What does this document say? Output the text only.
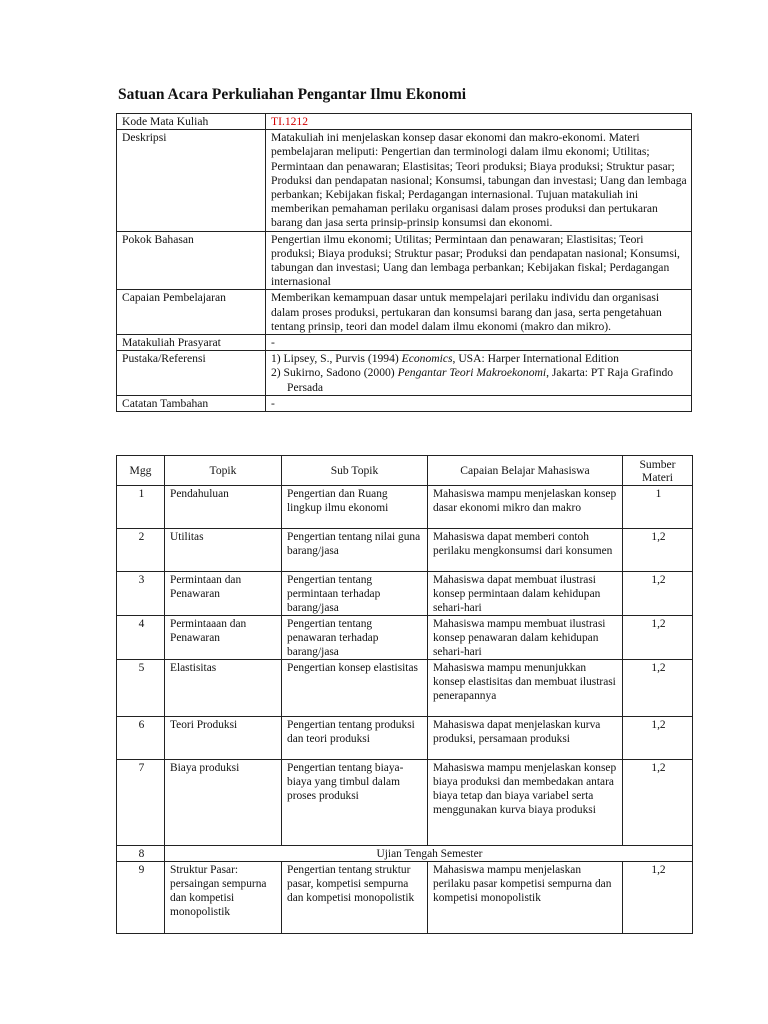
Satuan Acara Perkuliahan Pengantar Ilmu Ekonomi
Kode Mata Kuliah	TI.1212
Deskripsi	Matakuliah ini menjelaskan konsep dasar ekonomi dan makro-ekonomi. Materi pembelajaran meliputi: Pengertian dan terminologi dalam ilmu ekonomi; Utilitas; Permintaan dan penawaran; Elastisitas; Teori produksi; Biaya produksi; Struktur pasar; Produksi dan pendapatan nasional; Konsumsi, tabungan dan investasi; Uang dan lembaga perbankan; Kebijakan fiskal; Perdagangan internasional. Tujuan matakuliah ini memberikan pemahaman perilaku organisasi dalam proses produksi dan pertukaran barang dan jasa serta prinsip-prinsip konsumsi dan ekonomi.
Pokok Bahasan	Pengertian ilmu ekonomi; Utilitas; Permintaan dan penawaran; Elastisitas; Teori produksi; Biaya produksi; Struktur pasar; Produksi dan pendapatan nasional; Konsumsi, tabungan dan investasi; Uang dan lembaga perbankan; Kebijakan fiskal; Perdagangan internasional
Capaian Pembelajaran	Memberikan kemampuan dasar untuk mempelajari perilaku individu dan organisasi dalam proses produksi, pertukaran dan konsumsi barang dan jasa, serta pengetahuan tentang prinsip, teori dan model dalam ilmu ekonomi (makro dan mikro).
Matakuliah Prasyarat	-
Pustaka/Referensi	1) Lipsey, S., Purvis (1994) Economics, USA: Harper International Edition
2) Sukirno, Sadono (2000) Pengantar Teori Makroekonomi, Jakarta: PT Raja Grafindo Persada

Catatan Tambahan	-
Mgg	Topik	Sub Topik	Capaian Belajar Mahasiswa	Sumber Materi
1	Pendahuluan	Pengertian dan Ruang lingkup ilmu ekonomi	Mahasiswa mampu menjelaskan konsep dasar ekonomi mikro dan makro	1
2	Utilitas	Pengertian tentang nilai guna barang/jasa	Mahasiswa dapat memberi contoh perilaku mengkonsumsi dari konsumen	1,2
3	Permintaan dan Penawaran	Pengertian tentang permintaan terhadap barang/jasa	Mahasiswa dapat membuat ilustrasi konsep permintaan dalam kehidupan sehari-hari	1,2
4	Permintaaan dan Penawaran	Pengertian tentang penawaran terhadap barang/jasa	Mahasiswa mampu membuat ilustrasi konsep penawaran dalam kehidupan sehari-hari	1,2
5	Elastisitas	Pengertian konsep elastisitas	Mahasiswa mampu menunjukkan konsep elastisitas dan membuat ilustrasi penerapannya	1,2
6	Teori Produksi	Pengertian tentang produksi dan teori produksi	Mahasiswa dapat menjelaskan kurva produksi, persamaan produksi	1,2
7	Biaya produksi	Pengertian tentang biaya-biaya yang timbul dalam proses produksi	Mahasiswa mampu menjelaskan konsep biaya produksi dan membedakan antara biaya tetap dan biaya variabel serta menggunakan kurva biaya produksi	1,2
8	Ujian Tengah Semester			
9	Struktur Pasar: persaingan sempurna dan kompetisi monopolistik	Pengertian tentang struktur pasar, kompetisi sempurna dan kompetisi monopolistik	Mahasiswa mampu menjelaskan perilaku pasar kompetisi sempurna dan kompetisi monopolistik	1,2
